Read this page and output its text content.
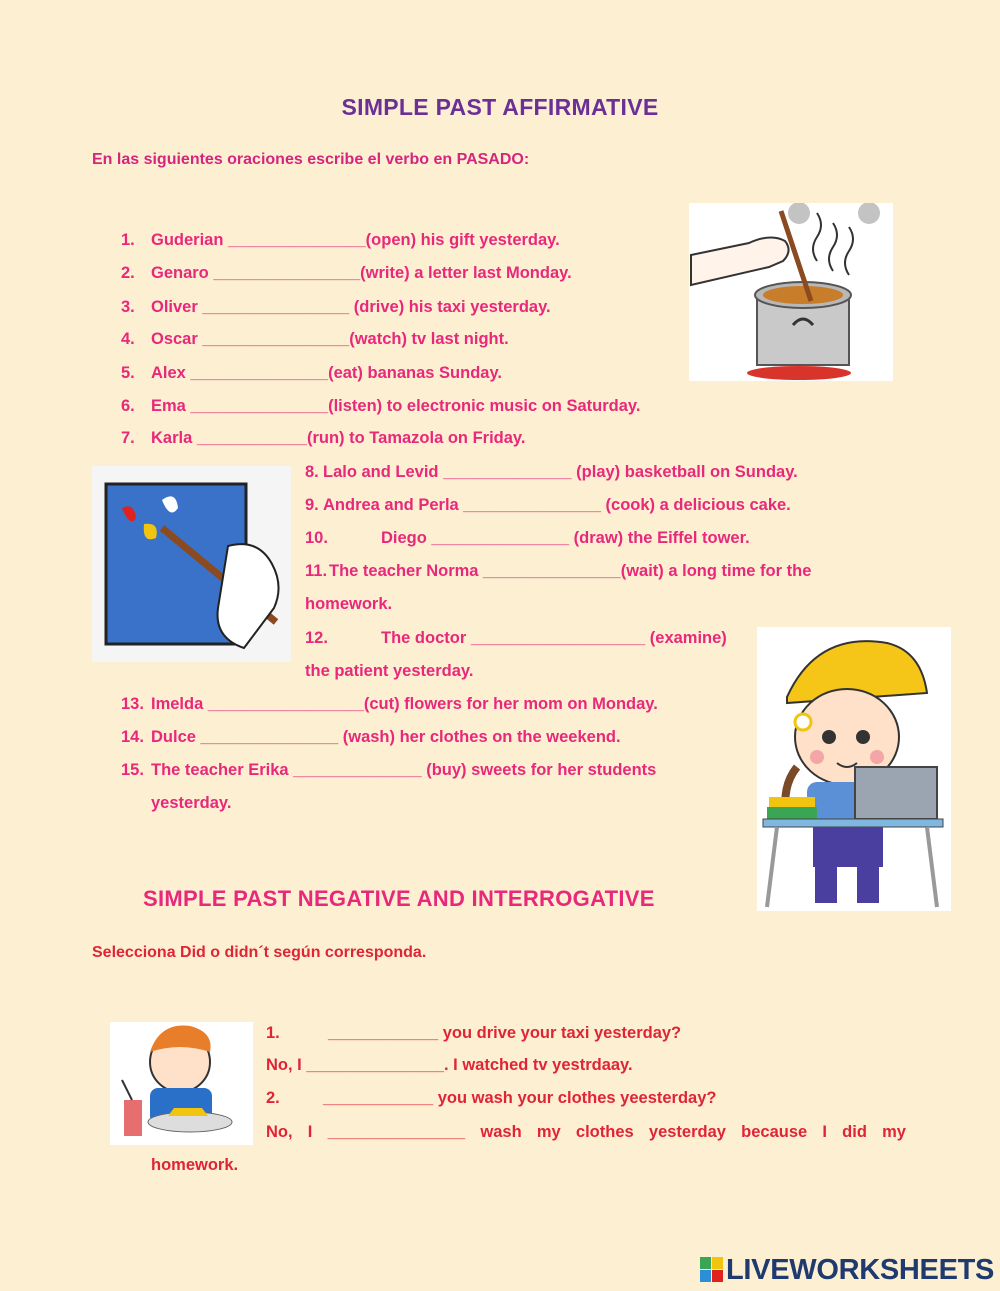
SIMPLE PAST AFFIRMATIVE
En las siguientes oraciones escribe el verbo en PASADO:
1. Guderian _______________(open) his gift yesterday.
2. Genaro ________________(write) a letter last Monday.
3. Oliver ________________ (drive) his taxi yesterday.
4. Oscar ________________(watch) tv last night.
5. Alex _______________(eat) bananas Sunday.
6. Ema _______________(listen) to electronic music on Saturday.
7. Karla ____________(run) to Tamazola on Friday.
8. Lalo and Levid ______________ (play) basketball on Sunday.
9. Andrea and Perla _______________ (cook) a delicious cake.
10.	Diego _______________ (draw) the Eiffel tower.
11. The teacher Norma _______________(wait) a long time for the
homework.
12.	The doctor ___________________ (examine)
the patient yesterday.
13. Imelda _________________(cut) flowers for her mom on Monday.
14. Dulce _______________ (wash) her clothes on the weekend.
15. The teacher Erika ______________ (buy) sweets for her students
yesterday.
SIMPLE PAST NEGATIVE AND INTERROGATIVE
Selecciona Did o didn´t según corresponda.
1.	____________ you drive your taxi yesterday?
No, I _______________. I watched tv yestrdaay.
2.	____________ you wash your clothes yeesterday?
No, I _______________ wash my clothes yesterday because I did my
homework.
LIVEWORKSHEETS
